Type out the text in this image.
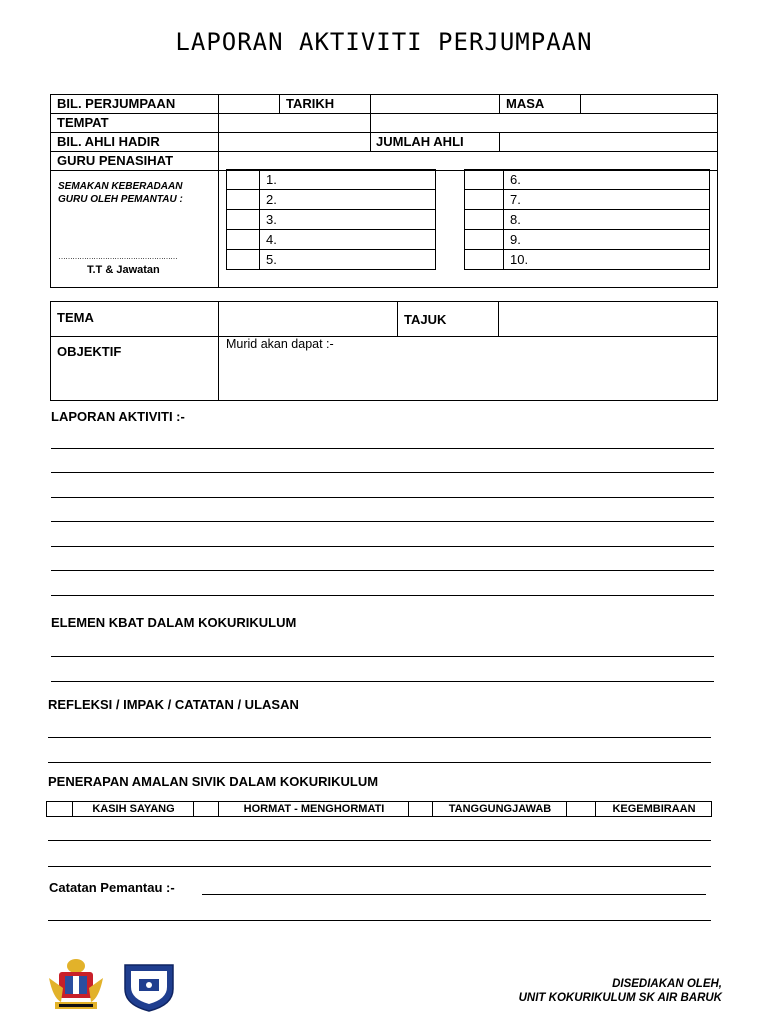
LAPORAN AKTIVITI PERJUMPAAN
BIL. PERJUMPAAN	TARIKH	MASA
TEMPAT
BIL. AHLI HADIR	JUMLAH AHLI
GURU PENASIHAT
SEMAKAN KEBERADAAN
GURU OLEH PEMANTAU :
……………………………………………
T.T & Jawatan
	1.
	2.
	3.
	4.
	5.
	6.
	7.
	8.
	9.
	10.
TEMA	TAJUK
OBJEKTIF	Murid akan dapat :-
LAPORAN AKTIVITI :-
ELEMEN KBAT DALAM KOKURIKULUM
REFLEKSI / IMPAK / CATATAN / ULASAN
PENERAPAN AMALAN SIVIK DALAM KOKURIKULUM
KASIH SAYANG	HORMAT - MENGHORMATI	TANGGUNGJAWAB	KEGEMBIRAAN
Catatan Pemantau :-
DISEDIAKAN OLEH,
UNIT KOKURIKULUM SK AIR BARUK
